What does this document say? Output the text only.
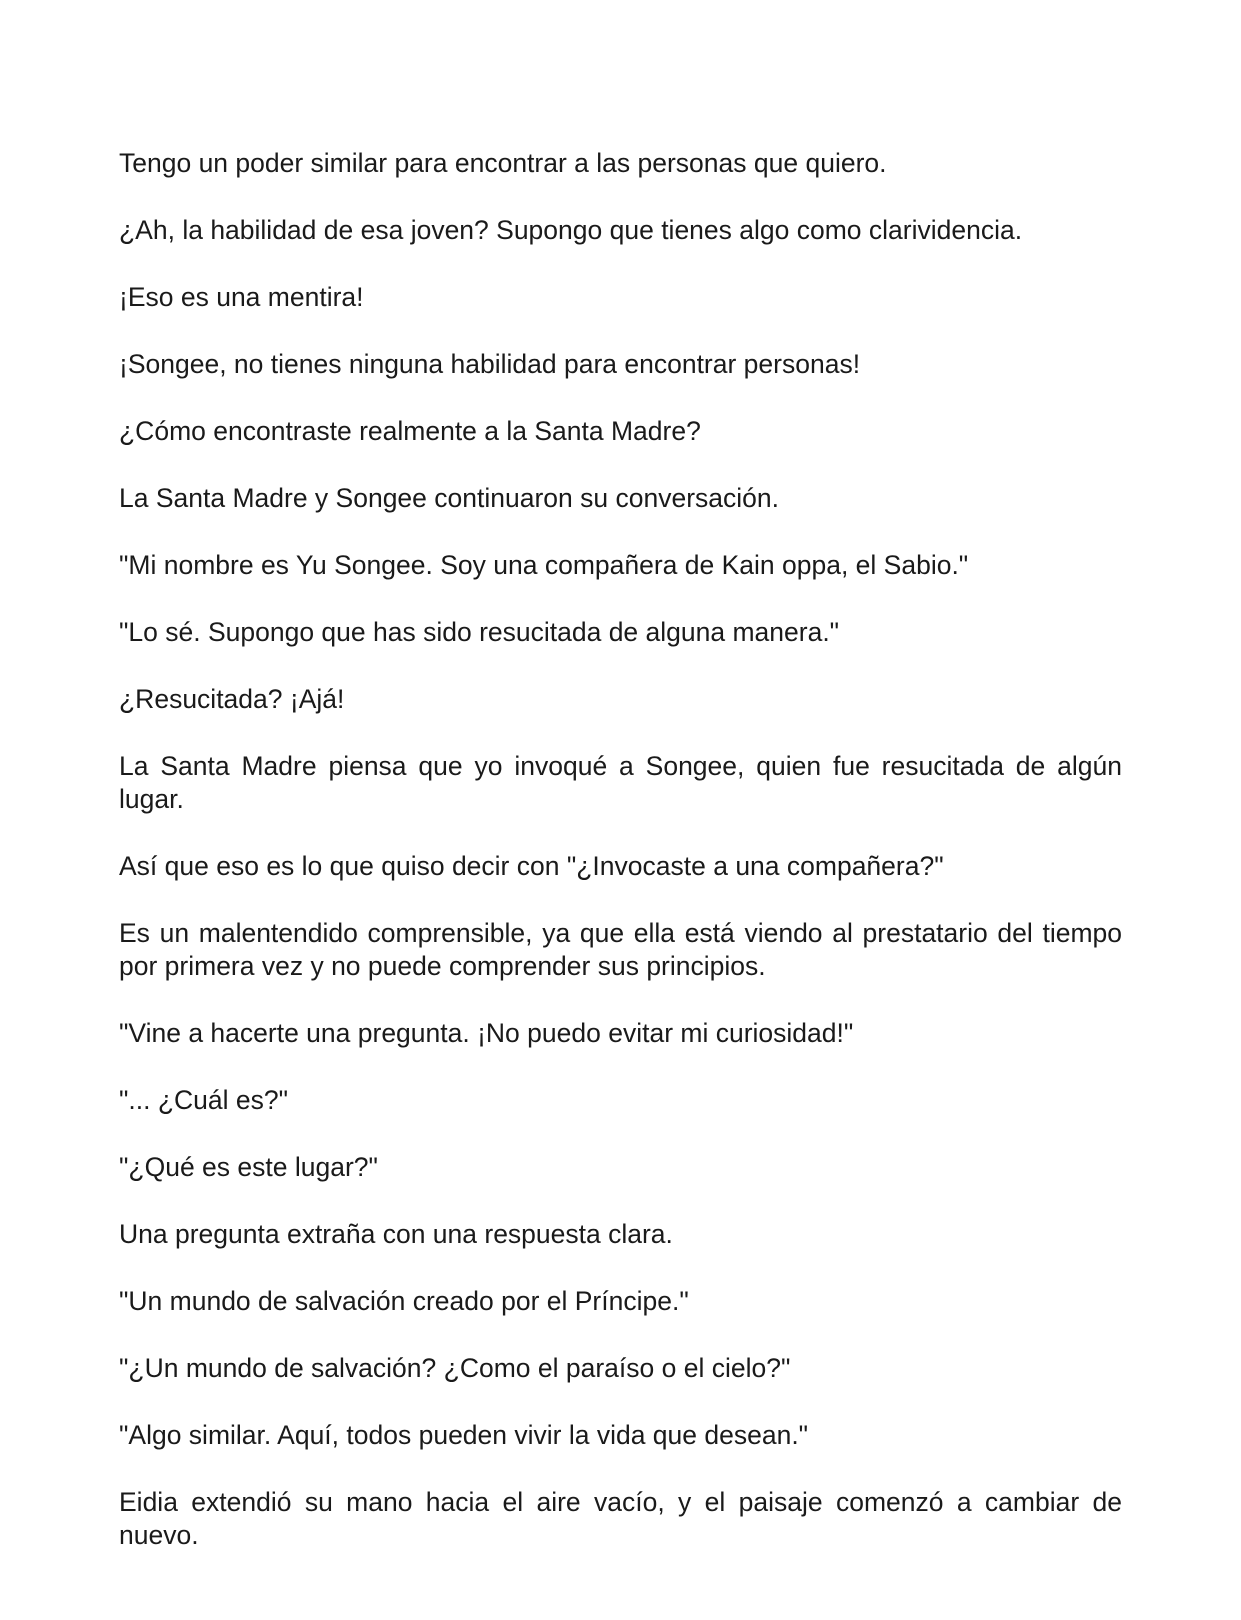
Tengo un poder similar para encontrar a las personas que quiero.

¿Ah, la habilidad de esa joven? Supongo que tienes algo como clarividencia.

¡Eso es una mentira!

¡Songee, no tienes ninguna habilidad para encontrar personas!

¿Cómo encontraste realmente a la Santa Madre?

La Santa Madre y Songee continuaron su conversación.

"Mi nombre es Yu Songee. Soy una compañera de Kain oppa, el Sabio."

"Lo sé. Supongo que has sido resucitada de alguna manera."

¿Resucitada? ¡Ajá!

La Santa Madre piensa que yo invoqué a Songee, quien fue resucitada de algún lugar.

Así que eso es lo que quiso decir con "¿Invocaste a una compañera?"

Es un malentendido comprensible, ya que ella está viendo al prestatario del tiempo por primera vez y no puede comprender sus principios.

"Vine a hacerte una pregunta. ¡No puedo evitar mi curiosidad!"

"... ¿Cuál es?"

"¿Qué es este lugar?"

Una pregunta extraña con una respuesta clara.

"Un mundo de salvación creado por el Príncipe."

"¿Un mundo de salvación? ¿Como el paraíso o el cielo?"

"Algo similar. Aquí, todos pueden vivir la vida que desean."

Eidia extendió su mano hacia el aire vacío, y el paisaje comenzó a cambiar de nuevo.
